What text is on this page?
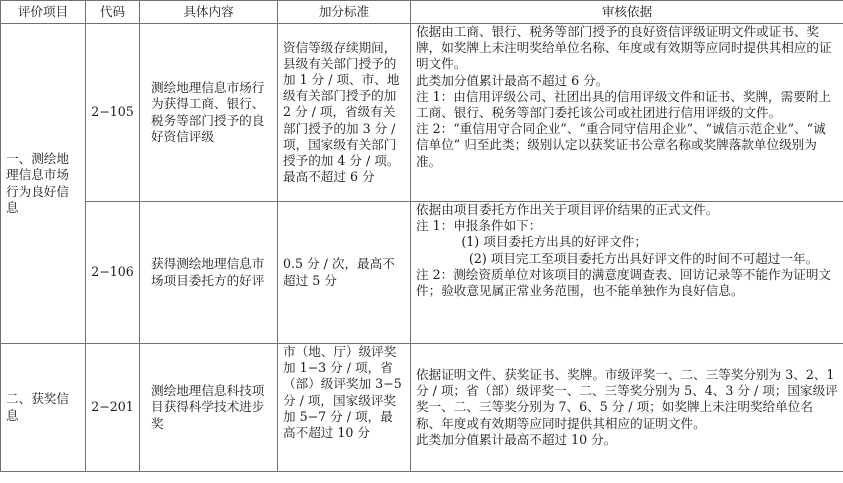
评价项目	代码	具体内容	加分标准	审核依据
一、测绘地理信息市场行为良好信息	2−105	测绘地理信息市场行为获得工商、银行、税务等部门授予的良好资信评级	资信等级存续期间，县级有关部门授予的加 1 分 / 项、市、地级有关部门授予的加 2 分 / 项，省级有关部门授予的加 3 分 / 项，国家级有关部门授予的加 4 分 / 项。最高不超过 6 分	依据由工商、银行、税务等部门授予的良好资信评级证明文件或证书、奖牌，如奖牌上未注明奖给单位名称、年度或有效期等应同时提供其相应的证明文件。
此类加分值累计最高不超过 6 分。
注 1：由信用评级公司、社团出具的信用评级文件和证书、奖牌，需要附上工商、银行、税务等部门委托该公司或社团进行信用评级的文件。
注 2：“重信用守合同企业”、“重合同守信用企业”、“诚信示范企业”、“诚信单位” 归至此类；级别认定以获奖证书公章名称或奖牌落款单位级别为准。

	2−106	获得测绘地理信息市场项目委托方的好评	0.5 分 / 次，最高不超过 5 分	依据由项目委托方作出关于项目评价结果的正式文件。
注 1：申报条件如下：
(1) 项目委托方出具的好评文件；
(2) 项目完工至项目委托方出具好评文件的时间不可超过一年。
注 2：测绘资质单位对该项目的满意度调查表、回访记录等不能作为证明文件；验收意见属正常业务范围，也不能单独作为良好信息。

二、获奖信息	2−201	测绘地理信息科技项目获得科学技术进步奖	市（地、厅）级评奖加 1−3 分 / 项，省（部）级评奖加 3−5 分 / 项，国家级评奖加 5−7 分 / 项，最高不超过 10 分	依据证明文件、获奖证书、奖牌。市级评奖一、二、三等奖分别为 3、2、1 分 / 项；省（部）级评奖一、二、三等奖分别为 5、4、3 分 / 项；国家级评奖一、二、三等奖分别为 7、6、5 分 / 项；如奖牌上未注明奖给单位名称、年度或有效期等应同时提供其相应的证明文件。
此类加分值累计最高不超过 10 分。
